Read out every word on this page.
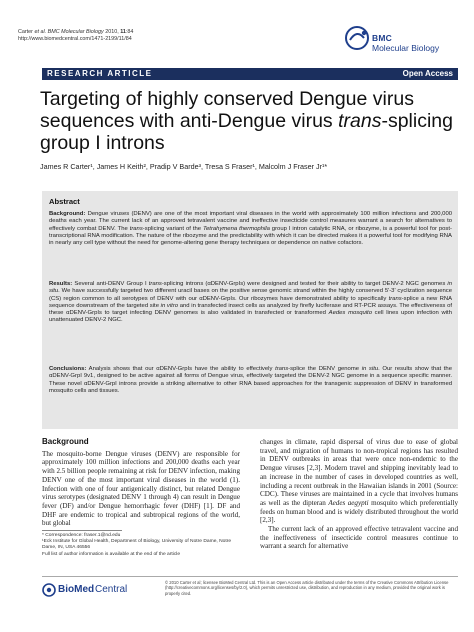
Carter et al. BMC Molecular Biology 2010, 11:84
http://www.biomedcentral.com/1471-2199/11/84	BMC
Molecular Biology
RESEARCH ARTICLE	Open Access
Targeting of highly conserved Dengue virus
sequences with anti-Dengue virus trans-splicing
group I introns
James R Carter¹, James H Keith², Pradip V Barde³, Tresa S Fraser¹, Malcolm J Fraser Jr¹*
Abstract

Background: Dengue viruses (DENV) are one of the most important viral diseases in the world with approximately 100 million infections and 200,000 deaths each year. The current lack of an approved tetravalent vaccine and ineffective insecticide control measures warrant a search for alternatives to effectively combat DENV. The trans-splicing variant of the Tetrahymena thermophila group I intron catalytic RNA, or ribozyme, is a powerful tool for post-transcriptional RNA modification. The nature of the ribozyme and the predictability with which it can be directed makes it a powerful tool for modifying RNA in nearly any cell type without the need for genome-altering gene therapy techniques or dependence on native cofactors.

Results: Several anti-DENV Group I trans-splicing introns (αDENV-GrpIs) were designed and tested for their ability to target DENV-2 NGC genomes in situ. We have successfully targeted two different uracil bases on the positive sense genomic strand within the highly conserved 5'-3' cyclization sequence (CS) region common to all serotypes of DENV with our αDENV-GrpIs. Our ribozymes have demonstrated ability to specifically trans-splice a new RNA sequence downstream of the targeted site in vitro and in transfected insect cells as analyzed by firefly luciferase and RT-PCR assays. The effectiveness of these αDENV-GrpIs to target infecting DENV genomes is also validated in transfected or transformed Aedes mosquito cell lines upon infection with unattenuated DENV-2 NGC.

Conclusions: Analysis shows that our αDENV-GrpIs have the ability to effectively trans-splice the DENV genome in situ. Our results show that the αDENV-GrpI 9v1, designed to be active against all forms of Dengue virus, effectively targeted the DENV-2 NGC genome in a sequence specific manner. These novel αDENV-GrpI introns provide a striking alternative to other RNA based approaches for the transgenic suppression of DENV in transformed mosquito cells and tissues.

Background

The mosquito-borne Dengue viruses (DENV) are responsible for approximately 100 million infections and 200,000 deaths each year with 2.5 billion people remaining at risk for DENV infection, making DENV one of the most important viral diseases in the world (1). Infection with one of four antigenically distinct, but related Dengue virus serotypes (designated DENV 1 through 4) can result in Dengue fever (DF) and/or Dengue hemorrhagic fever (DHF) [1]. DF and DHF are endemic to tropical and subtropical regions of the world, but global

changes in climate, rapid dispersal of virus due to ease of global travel, and migration of humans to non-tropical regions has resulted in DENV outbreaks in areas that were once non-endemic to the Dengue viruses [2,3]. Modern travel and shipping inevitably lead to an increase in the number of cases in developed countries as well, including a recent outbreak in the Hawaiian islands in 2001 (Source: CDC). These viruses are maintained in a cycle that involves humans as well as the dipteran Aedes aegypti mosquito which preferentially feeds on human blood and is widely distributed throughout the world [2,3].

The current lack of an approved effective tetravalent vaccine and the ineffectiveness of insecticide control measures continue to warrant a search for alternative

* Correspondence: fraser.1@nd.edu

¹Eck Institute for Global Health, Department of Biology, University of Notre Dame, Notre Dame, IN, USA 46556

Full list of author information is available at the end of the article

BioMed Central
© 2010 Carter et al; licensee BioMed Central Ltd. This is an Open Access article distributed under the terms of the Creative Commons Attribution License (http://creativecommons.org/licenses/by/2.0), which permits unrestricted use, distribution, and reproduction in any medium, provided the original work is properly cited.
